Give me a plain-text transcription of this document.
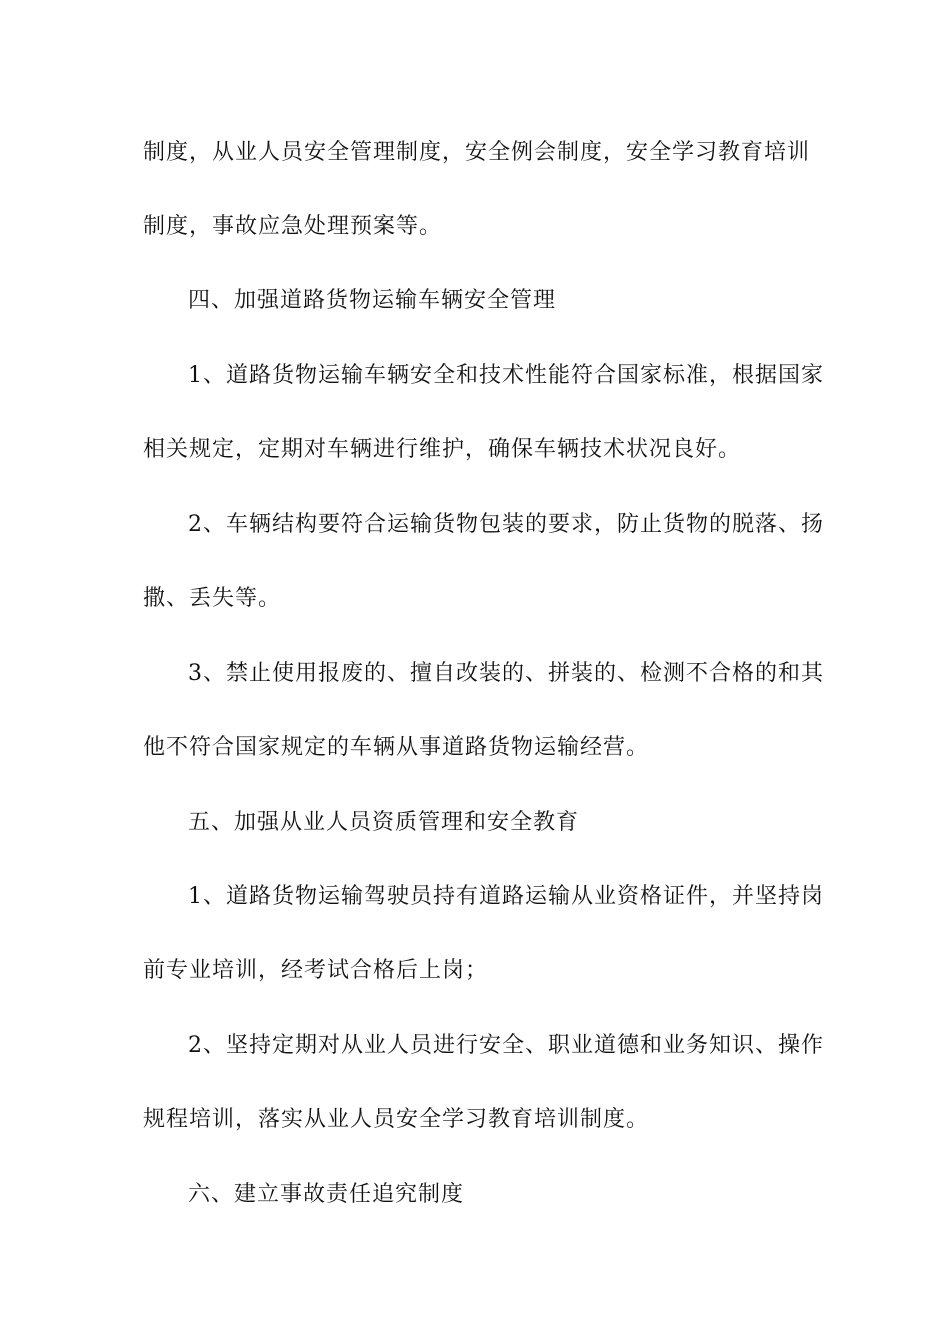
制度，从业人员安全管理制度，安全例会制度，安全学习教育培训
制度，事故应急处理预案等。
四、加强道路货物运输车辆安全管理
1、道路货物运输车辆安全和技术性能符合国家标准，根据国家
相关规定，定期对车辆进行维护，确保车辆技术状况良好。
2、车辆结构要符合运输货物包装的要求，防止货物的脱落、扬
撒、丢失等。
3、禁止使用报废的、擅自改装的、拼装的、检测不合格的和其
他不符合国家规定的车辆从事道路货物运输经营。
五、加强从业人员资质管理和安全教育
1、道路货物运输驾驶员持有道路运输从业资格证件，并坚持岗
前专业培训，经考试合格后上岗；
2、坚持定期对从业人员进行安全、职业道德和业务知识、操作
规程培训，落实从业人员安全学习教育培训制度。
六、建立事故责任追究制度
